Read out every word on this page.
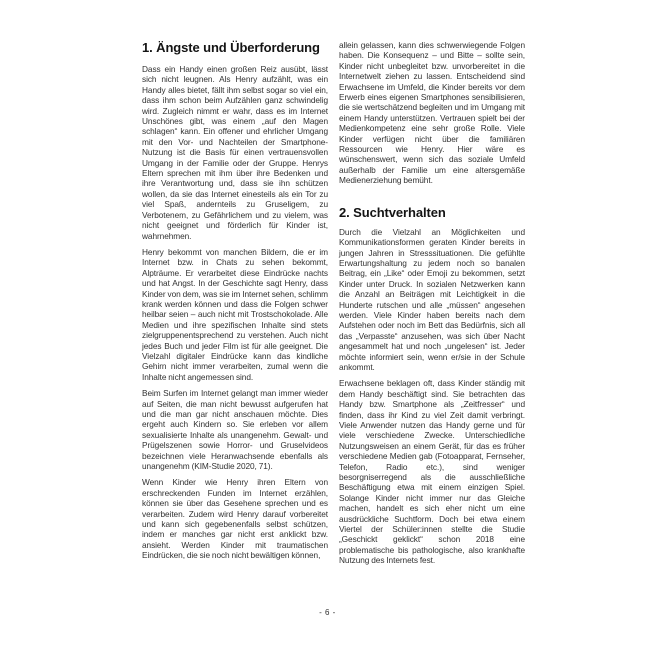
1. Ängste und Überforderung

Dass ein Handy einen großen Reiz ausübt, lässt sich nicht leugnen. Als Henry aufzählt, was ein Handy alles bietet, fällt ihm selbst sogar so viel ein, dass ihm schon beim Aufzählen ganz schwindelig wird. Zugleich nimmt er wahr, dass es im Internet Unschönes gibt, was einem „auf den Magen schlagen“ kann. Ein offener und ehrlicher Umgang mit den Vor- und Nachteilen der Smartphone-Nutzung ist die Basis für einen vertrauensvollen Umgang in der Familie oder der Gruppe. Henrys Eltern sprechen mit ihm über ihre Bedenken und ihre Verantwortung und, dass sie ihn schützen wollen, da sie das Internet einesteils als ein Tor zu viel Spaß, andernteils zu Gruseligem, zu Verbotenem, zu Gefährlichem und zu vielem, was nicht geeignet und förderlich für Kinder ist, wahrnehmen.

Henry bekommt von manchen Bildern, die er im Internet bzw. in Chats zu sehen bekommt, Alpträume. Er verarbeitet diese Eindrücke nachts und hat Angst. In der Geschichte sagt Henry, dass Kinder von dem, was sie im Internet sehen, schlimm krank werden können und dass die Folgen schwer heilbar seien – auch nicht mit Trostschokolade. Alle Medien und ihre spezifischen Inhalte sind stets zielgruppenentsprechend zu verstehen. Auch nicht jedes Buch und jeder Film ist für alle geeignet. Die Vielzahl digitaler Eindrücke kann das kindliche Gehirn nicht immer verarbeiten, zumal wenn die Inhalte nicht angemessen sind.

Beim Surfen im Internet gelangt man immer wieder auf Seiten, die man nicht bewusst aufgerufen hat und die man gar nicht anschauen möchte. Dies ergeht auch Kindern so. Sie erleben vor allem sexualisierte Inhalte als unangenehm. Gewalt- und Prügelszenen sowie Horror- und Gruselvideos bezeichnen viele Heranwachsende ebenfalls als unangenehm (KIM-Studie 2020, 71).

Wenn Kinder wie Henry ihren Eltern von erschreckenden Funden im Internet erzählen, können sie über das Gesehene sprechen und es verarbeiten. Zudem wird Henry darauf vorbereitet und kann sich gegebenenfalls selbst schützen, indem er manches gar nicht erst anklickt bzw. ansieht. Werden Kinder mit traumatischen Eindrücken, die sie noch nicht bewältigen können,

allein gelassen, kann dies schwerwiegende Folgen haben. Die Konsequenz – und Bitte – sollte sein, Kinder nicht unbegleitet bzw. unvorbereitet in die Internetwelt ziehen zu lassen. Entscheidend sind Erwachsene im Umfeld, die Kinder bereits vor dem Erwerb eines eigenen Smartphones sensibilisieren, die sie wertschätzend begleiten und im Umgang mit einem Handy unterstützen. Vertrauen spielt bei der Medienkompetenz eine sehr große Rolle. Viele Kinder verfügen nicht über die familiären Ressourcen wie Henry. Hier wäre es wünschenswert, wenn sich das soziale Umfeld außerhalb der Familie um eine altersgemäße Medienerziehung bemüht.

2. Suchtverhalten

Durch die Vielzahl an Möglichkeiten und Kommunikationsformen geraten Kinder bereits in jungen Jahren in Stresssituationen. Die gefühlte Erwartungshaltung zu jedem noch so banalen Beitrag, ein „Like“ oder Emoji zu bekommen, setzt Kinder unter Druck. In sozialen Netzwerken kann die Anzahl an Beiträgen mit Leichtigkeit in die Hunderte rutschen und alle „müssen“ angesehen werden. Viele Kinder haben bereits nach dem Aufstehen oder noch im Bett das Bedürfnis, sich all das „Verpasste“ anzusehen, was sich über Nacht angesammelt hat und noch „ungelesen“ ist. Jeder möchte informiert sein, wenn er/sie in der Schule ankommt.

Erwachsene beklagen oft, dass Kinder ständig mit dem Handy beschäftigt sind. Sie betrachten das Handy bzw. Smartphone als „Zeitfresser“ und finden, dass ihr Kind zu viel Zeit damit verbringt. Viele Anwender nutzen das Handy gerne und für viele verschiedene Zwecke. Unterschiedliche Nutzungsweisen an einem Gerät, für das es früher verschiedene Medien gab (Fotoapparat, Fernseher, Telefon, Radio etc.), sind weniger besorgniserregend als die ausschließliche Beschäftigung etwa mit einem einzigen Spiel. Solange Kinder nicht immer nur das Gleiche machen, handelt es sich eher nicht um eine ausdrückliche Suchtform. Doch bei etwa einem Viertel der Schüler:innen stellte die Studie „Geschickt geklickt“ schon 2018 eine problematische bis pathologische, also krankhafte Nutzung des Internets fest.

- 6 -
